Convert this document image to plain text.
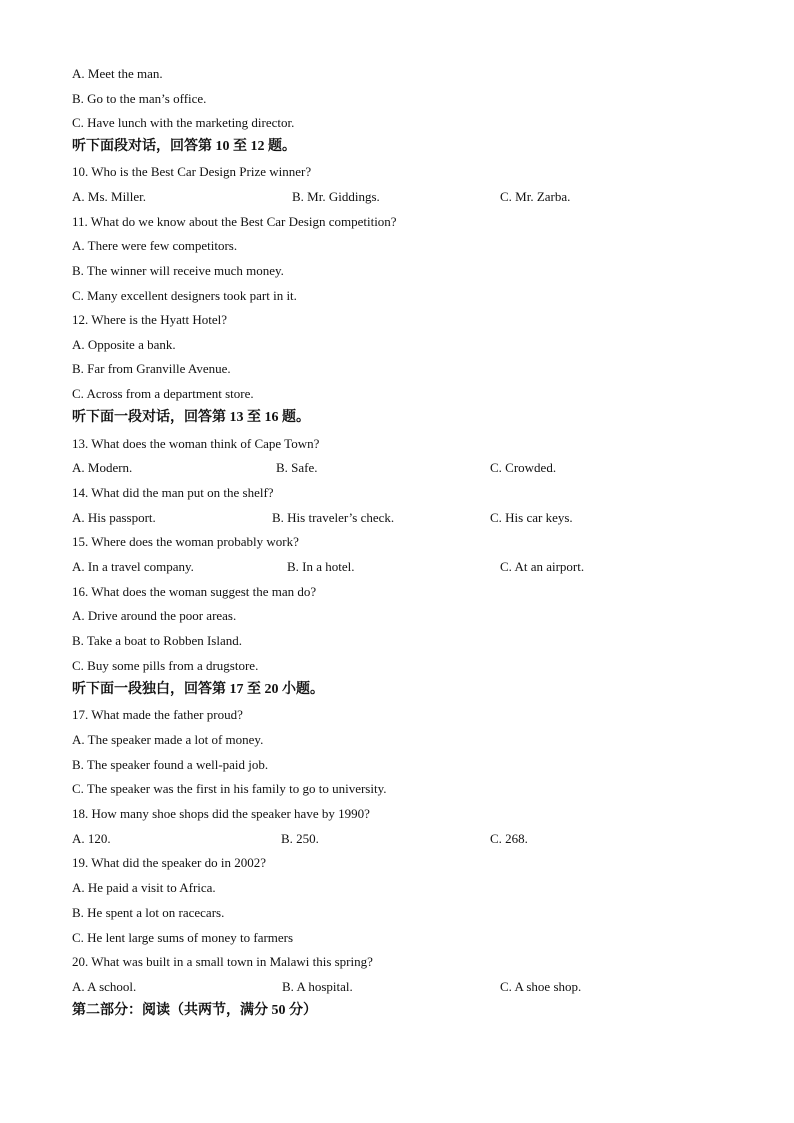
A. Meet the man.
B. Go to the man’s office.
C. Have lunch with the marketing director.
听下面段对话，回答第 10 至 12 题。
10. Who is the Best Car Design Prize winner?
A. Ms. Miller.	B. Mr. Giddings.	C. Mr. Zarba.
11. What do we know about the Best Car Design competition?
A. There were few competitors.
B. The winner will receive much money.
C. Many excellent designers took part in it.
12. Where is the Hyatt Hotel?
A. Opposite a bank.
B. Far from Granville Avenue.
C. Across from a department store.
听下面一段对话，回答第 13 至 16 题。
13. What does the woman think of Cape Town?
A. Modern.	B. Safe.	C. Crowded.
14. What did the man put on the shelf?
A. His passport.	B. His traveler’s check.	C. His car keys.
15. Where does the woman probably work?
A. In a travel company.	B. In a hotel.	C. At an airport.
16. What does the woman suggest the man do?
A. Drive around the poor areas.
B. Take a boat to Robben Island.
C. Buy some pills from a drugstore.
听下面一段独白，回答第 17 至 20 小题。
17. What made the father proud?
A. The speaker made a lot of money.
B. The speaker found a well-paid job.
C. The speaker was the first in his family to go to university.
18. How many shoe shops did the speaker have by 1990?
A. 120.	B. 250.	C. 268.
19. What did the speaker do in 2002?
A. He paid a visit to Africa.
B. He spent a lot on racecars.
C. He lent large sums of money to farmers
20. What was built in a small town in Malawi this spring?
A. A school.	B. A hospital.	C. A shoe shop.
第二部分：阅读（共两节，满分 50 分）
